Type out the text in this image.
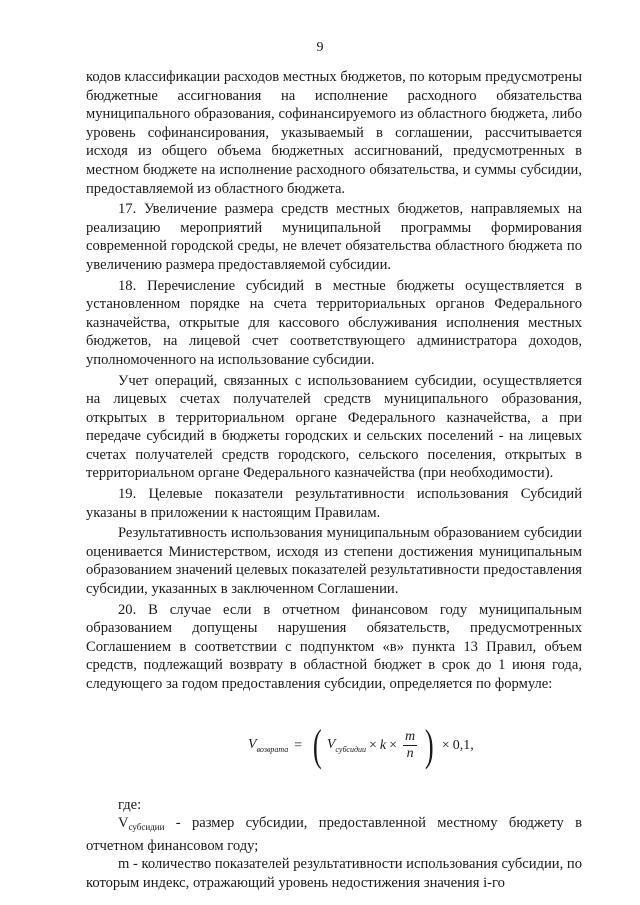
9

кодов классификации расходов местных бюджетов, по которым предусмотрены бюджетные ассигнования на исполнение расходного обязательства муниципального образования, софинансируемого из областного бюджета, либо уровень софинансирования, указываемый в соглашении, рассчитывается исходя из общего объема бюджетных ассигнований, предусмотренных в местном бюджете на исполнение расходного обязательства, и суммы субсидии, предоставляемой из областного бюджета.

17. Увеличение размера средств местных бюджетов, направляемых на реализацию мероприятий муниципальной программы формирования современной городской среды, не влечет обязательства областного бюджета по увеличению размера предоставляемой субсидии.

18. Перечисление субсидий в местные бюджеты осуществляется в установленном порядке на счета территориальных органов Федерального казначейства, открытые для кассового обслуживания исполнения местных бюджетов, на лицевой счет соответствующего администратора доходов, уполномоченного на использование субсидии.

Учет операций, связанных с использованием субсидии, осуществляется на лицевых счетах получателей средств муниципального образования, открытых в территориальном органе Федерального казначейства, а при передаче субсидий в бюджеты городских и сельских поселений - на лицевых счетах получателей средств городского, сельского поселения, открытых в территориальном органе Федерального казначейства (при необходимости).

19. Целевые показатели результативности использования Субсидий указаны в приложении к настоящим Правилам.

Результативность использования муниципальным образованием субсидии оценивается Министерством, исходя из степени достижения муниципальным образованием значений целевых показателей результативности предоставления субсидии, указанных в заключенном Соглашении.

20. В случае если в отчетном финансовом году муниципальным образованием допущены нарушения обязательств, предусмотренных Соглашением в соответствии с подпунктом «в» пункта 13 Правил, объем средств, подлежащий возврату в областной бюджет в срок до 1 июня года, следующего за годом предоставления субсидии, определяется по формуле:

$V_{возврата}$ = ( $V_{субсидии} \times k \times \frac{m}{n}$ ) × 0,1,

где:

$V_{субсидии}$ - размер субсидии, предоставленной местному бюджету в отчетном финансовом году;

m - количество показателей результативности использования субсидии, по которым индекс, отражающий уровень недостижения значения i-го
